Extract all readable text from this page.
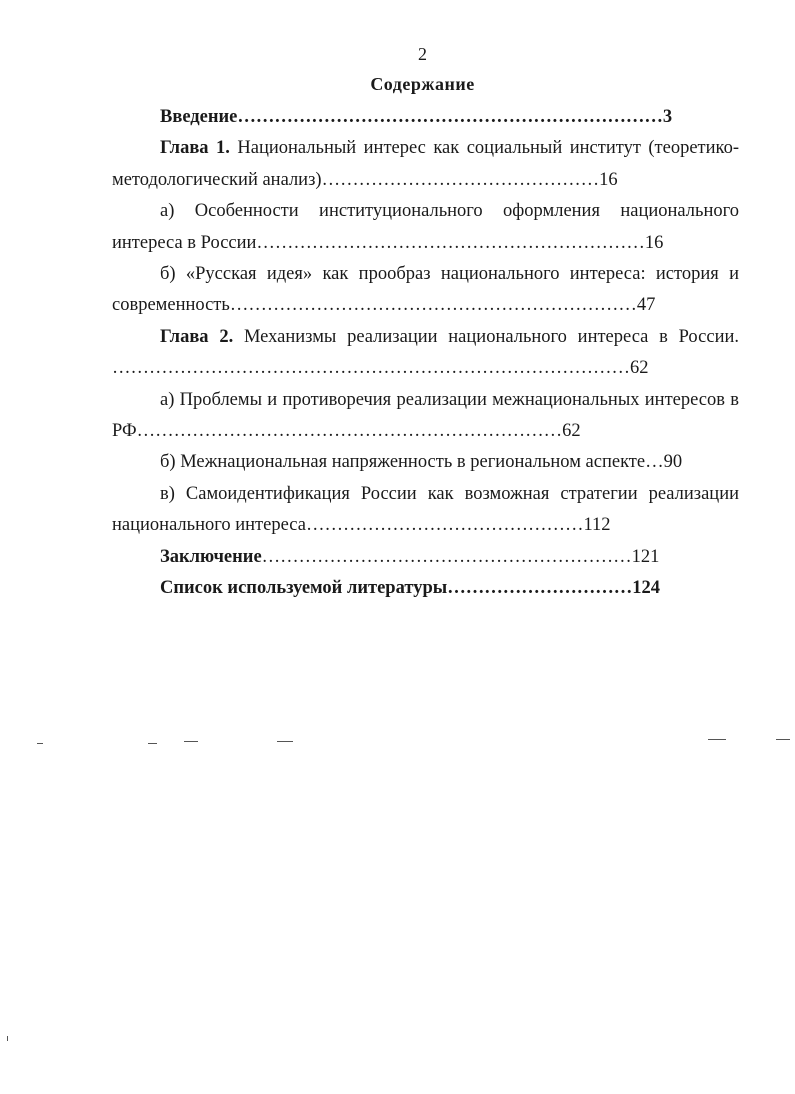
2
Содержание

Введение……………………………………………………………3

Глава 1. Национальный интерес как социальный институт (теоретико-методологический анализ)………………………………………16

а) Особенности институционального оформления национального интереса в России………………………………………………………16

б) «Русская идея» как прообраз национального интереса: история и современность…………………………………………………………47

Глава 2. Механизмы реализации национального интереса в России. …………………………………………………………………………62

а) Проблемы и противоречия реализации межнациональных интересов в РФ……………………………………………………………62

б) Межнациональная напряженность в региональном аспекте…90

в) Самоидентификация России как возможная стратегии реализации национального интереса………………………………………112

Заключение……………………………………………………121

Список используемой литературы…………………………124
